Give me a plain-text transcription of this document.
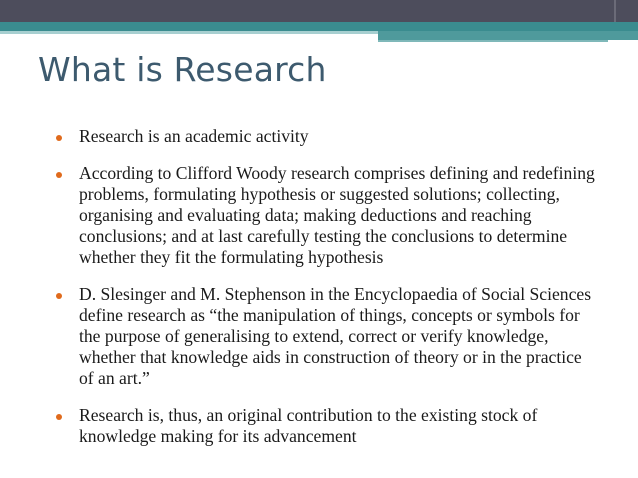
What is Research
Research is an academic activity
According to Clifford Woody research comprises defining and redefining problems, formulating hypothesis or suggested solutions; collecting, organising and evaluating data; making deductions and reaching conclusions; and at last carefully testing the conclusions to determine whether they fit the formulating hypothesis
D. Slesinger and M. Stephenson in the Encyclopaedia of Social Sciences define research as “the manipulation of things, concepts or symbols for the purpose of generalising to extend, correct or verify knowledge, whether that knowledge aids in construction of theory or in the practice of an art.”
Research is, thus, an original contribution to the existing stock of knowledge making for its advancement
